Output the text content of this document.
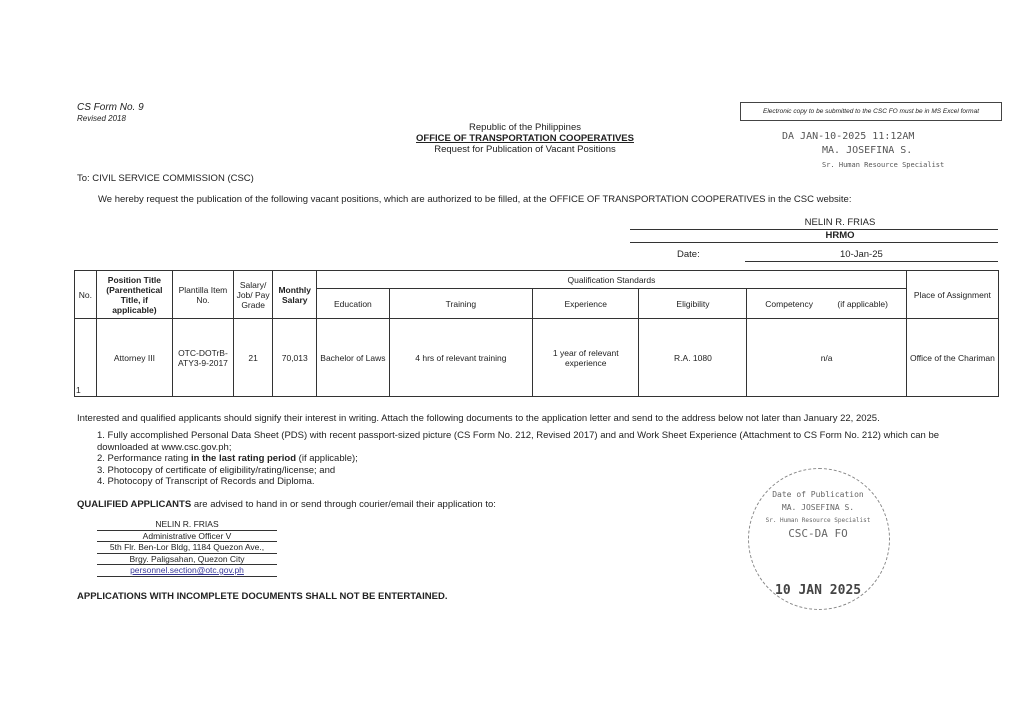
CS Form No. 9
Revised 2018
Electronic copy to be submitted to the CSC FO must be in MS Excel format
Republic of the Philippines
OFFICE OF TRANSPORTATION COOPERATIVES
Request for Publication of Vacant Positions
DA JAN-10-2025 11:12AM
MA. JOSEFINA S.
Sr. Human Resource Specialist
To: CIVIL SERVICE COMMISSION (CSC)
We hereby request the publication of the following vacant positions, which are authorized to be filled, at the OFFICE OF TRANSPORTATION COOPERATIVES in the CSC website:
NELIN R. FRIAS
HRMO
Date:	10-Jan-25
No.	Position Title (Parenthetical Title, if applicable)	Plantilla Item No.	Salary/ Job/ Pay Grade	Monthly Salary	Qualification Standards					Place of Assignment
					Education	Training	Experience	Eligibility	Competency (if applicable)	
1	Attorney III	OTC-DOTrB-ATY3-9-2017	21	70,013	Bachelor of Laws	4 hrs of relevant training	1 year of relevant experience	R.A. 1080	n/a	Office of the Chariman
Interested and qualified applicants should signify their interest in writing. Attach the following documents to the application letter and send to the address below not later than January 22, 2025.
1. Fully accomplished Personal Data Sheet (PDS) with recent passport-sized picture (CS Form No. 212, Revised 2017) and and Work Sheet Experience (Attachment to CS Form No. 212) which can be downloaded at www.csc.gov.ph;
2. Performance rating in the last rating period (if applicable);
3. Photocopy of certificate of eligibility/rating/license; and
4. Photocopy of Transcript of Records and Diploma.
QUALIFIED APPLICANTS are advised to hand in or send through courier/email their application to:
NELIN R. FRIAS
Administrative Officer V
5th Flr. Ben-Lor Bldg, 1184 Quezon Ave.,
Brgy. Paligsahan, Quezon City
personnel.section@otc.gov.ph
APPLICATIONS WITH INCOMPLETE DOCUMENTS SHALL NOT BE ENTERTAINED.
Date of Publication
MA. JOSEFINA S.
Sr. Human Resource Specialist
CSC-DA FO
10 JAN 2025
